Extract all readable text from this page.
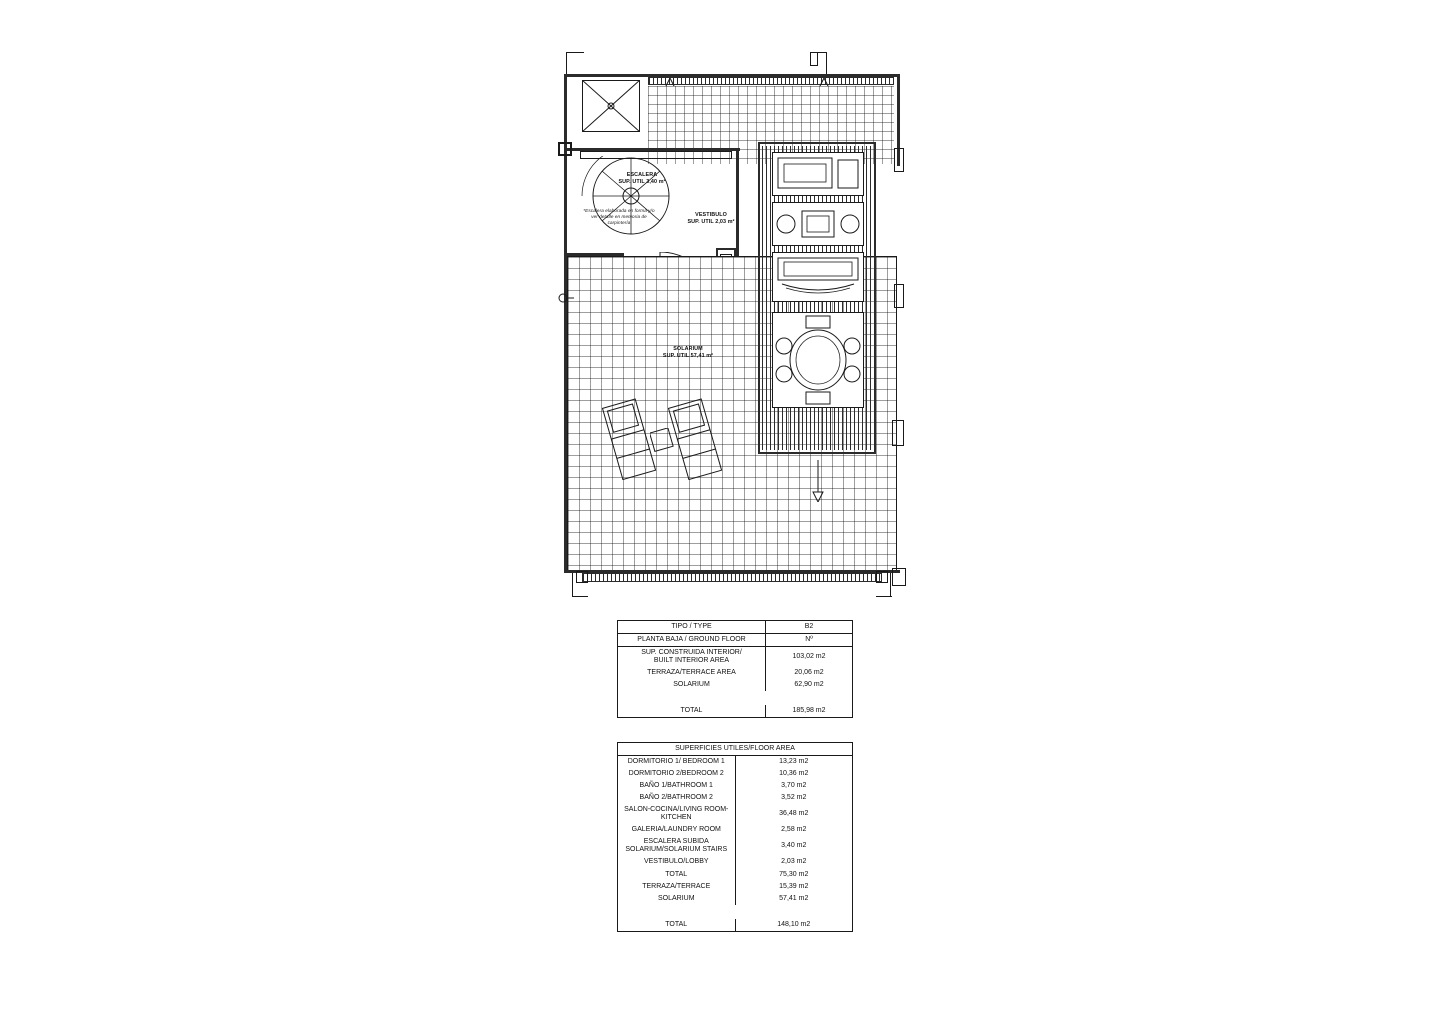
ESCALERA
SUP. UTIL 3,40 m²
*Escalera elaborada en forma y/o ver detalle en memoria de carpintería
VESTIBULO
SUP. UTIL 2,03 m²
SOLARIUM
SUP. UTIL 57,41 m²
TIPO / TYPE	B2
PLANTA BAJA / GROUND FLOOR	Nº
SUP. CONSTRUIDA INTERIOR/
BUILT INTERIOR AREA	103,02 m2
TERRAZA/TERRACE AREA	20,06 m2
SOLARIUM	62,90 m2

TOTAL	185,98 m2
SUPERFICIES UTILES/FLOOR AREA	
DORMITORIO 1/ BEDROOM 1	13,23 m2
DORMITORIO 2/BEDROOM 2	10,36 m2
BAÑO 1/BATHROOM 1	3,70 m2
BAÑO 2/BATHROOM 2	3,52 m2
SALON-COCINA/LIVING ROOM-KITCHEN	36,48 m2
GALERIA/LAUNDRY ROOM	2,58 m2
ESCALERA SUBIDA SOLARIUM/SOLARIUM STAIRS	3,40 m2
VESTIBULO/LOBBY	2,03 m2
TOTAL	75,30 m2
TERRAZA/TERRACE	15,39 m2
SOLARIUM	57,41 m2

TOTAL	148,10 m2
